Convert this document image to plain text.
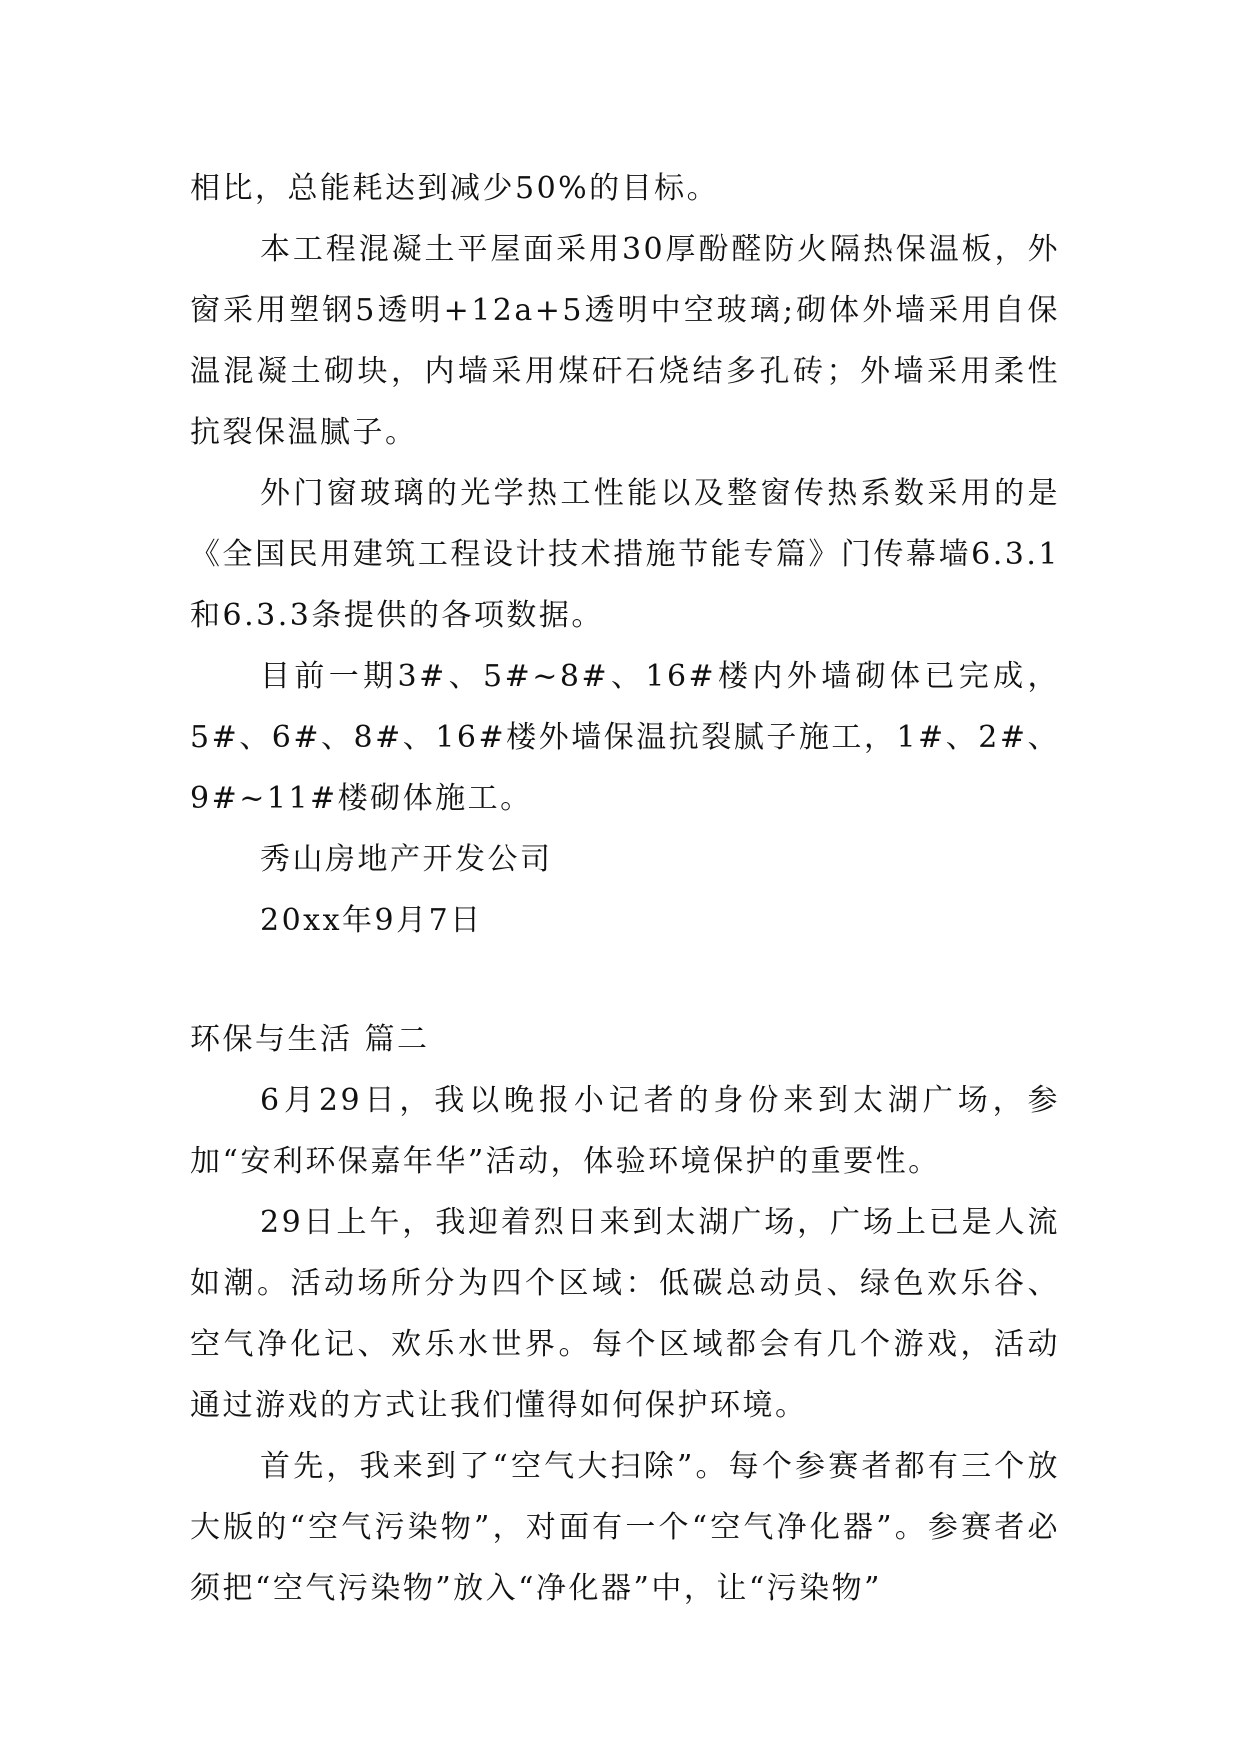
相比，总能耗达到减少50%的目标。

本工程混凝土平屋面采用30厚酚醛防火隔热保温板，外窗采用塑钢5透明+12a+5透明中空玻璃;砌体外墙采用自保温混凝土砌块，内墙采用煤矸石烧结多孔砖；外墙采用柔性抗裂保温腻子。

外门窗玻璃的光学热工性能以及整窗传热系数采用的是《全国民用建筑工程设计技术措施节能专篇》门传幕墙6.3.1和6.3.3条提供的各项数据。

目前一期3#、5#~8#、16#楼内外墙砌体已完成，5#、6#、8#、16#楼外墙保温抗裂腻子施工，1#、2#、9#~11#楼砌体施工。

秀山房地产开发公司

20xx年9月7日

环保与生活 篇二

6月29日，我以晚报小记者的身份来到太湖广场，参加“安利环保嘉年华”活动，体验环境保护的重要性。

29日上午，我迎着烈日来到太湖广场，广场上已是人流如潮。活动场所分为四个区域：低碳总动员、绿色欢乐谷、空气净化记、欢乐水世界。每个区域都会有几个游戏，活动通过游戏的方式让我们懂得如何保护环境。

首先，我来到了“空气大扫除”。每个参赛者都有三个放大版的“空气污染物”，对面有一个“空气净化器”。参赛者必须把“空气污染物”放入“净化器”中，让“污染物”
